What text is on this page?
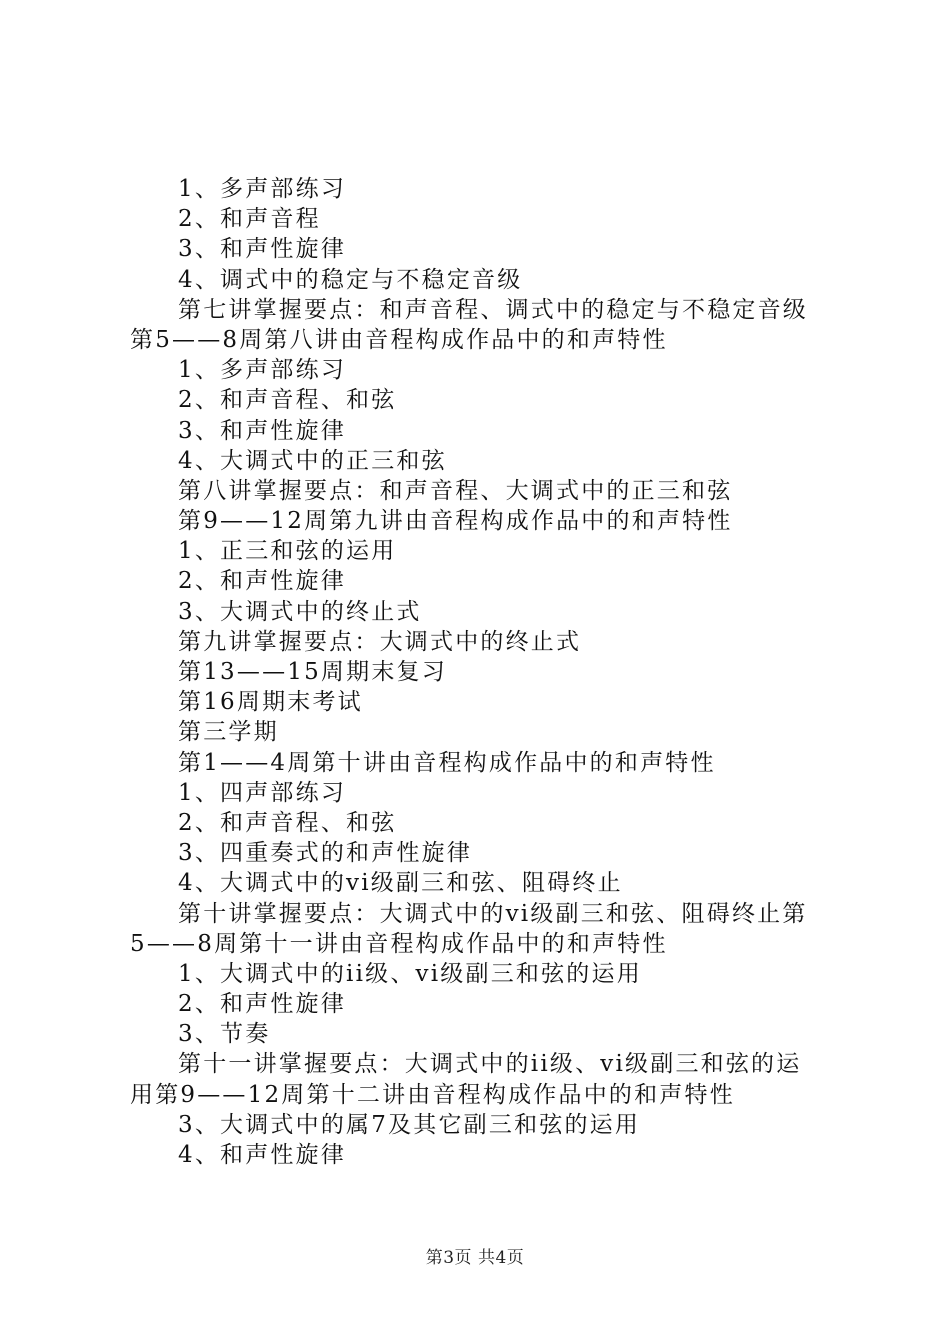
1、多声部练习
2、和声音程
3、和声性旋律
4、调式中的稳定与不稳定音级
第七讲掌握要点：和声音程、调式中的稳定与不稳定音级
第5——8周第八讲由音程构成作品中的和声特性
1、多声部练习
2、和声音程、和弦
3、和声性旋律
4、大调式中的正三和弦
第八讲掌握要点：和声音程、大调式中的正三和弦
第9——12周第九讲由音程构成作品中的和声特性
1、正三和弦的运用
2、和声性旋律
3、大调式中的终止式
第九讲掌握要点：大调式中的终止式
第13——15周期末复习
第16周期末考试
第三学期
第1——4周第十讲由音程构成作品中的和声特性
1、四声部练习
2、和声音程、和弦
3、四重奏式的和声性旋律
4、大调式中的vi级副三和弦、阻碍终止
第十讲掌握要点：大调式中的vi级副三和弦、阻碍终止第
5——8周第十一讲由音程构成作品中的和声特性
1、大调式中的ii级、vi级副三和弦的运用
2、和声性旋律
3、节奏
第十一讲掌握要点：大调式中的ii级、vi级副三和弦的运
用第9——12周第十二讲由音程构成作品中的和声特性
3、大调式中的属7及其它副三和弦的运用
4、和声性旋律
第3页 共4页
